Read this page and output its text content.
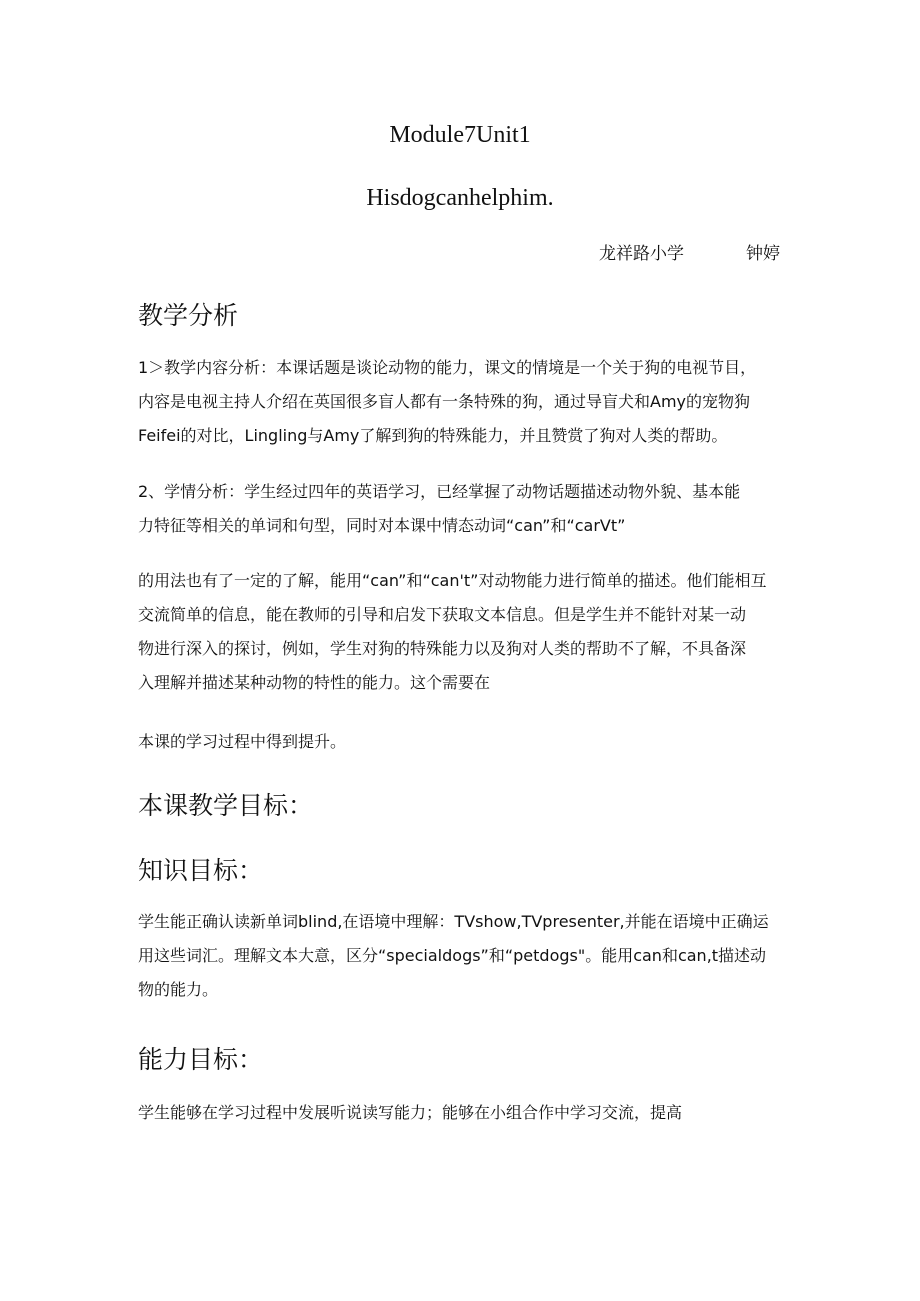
Module7Unit1
Hisdogcanhelphim.
龙祥路小学	钟婷
教学分析
1＞教学内容分析：本课话题是谈论动物的能力，课文的情境是一个关于狗的电视节目，
内容是电视主持人介绍在英国很多盲人都有一条特殊的狗，通过导盲犬和Amy的宠物狗
Feifei的对比，Lingling与Amy了解到狗的特殊能力，并且赞赏了狗对人类的帮助。
2、学情分析：学生经过四年的英语学习，已经掌握了动物话题描述动物外貌、基本能
力特征等相关的单词和句型，同时对本课中情态动词“can”和“carVt”
的用法也有了一定的了解，能用“can”和“can't”对动物能力进行简单的描述。他们能相互
交流简单的信息，能在教师的引导和启发下获取文本信息。但是学生并不能针对某一动
物进行深入的探讨，例如，学生对狗的特殊能力以及狗对人类的帮助不了解，不具备深
入理解并描述某种动物的特性的能力。这个需要在
本课的学习过程中得到提升。
本课教学目标：
知识目标：
学生能正确认读新单词blind,在语境中理解：TVshow,TVpresenter,并能在语境中正确运
用这些词汇。理解文本大意，区分“specialdogs”和“petdogs"。能用can和can,t描述动
物的能力。
能力目标：
学生能够在学习过程中发展听说读写能力；能够在小组合作中学习交流，提高
